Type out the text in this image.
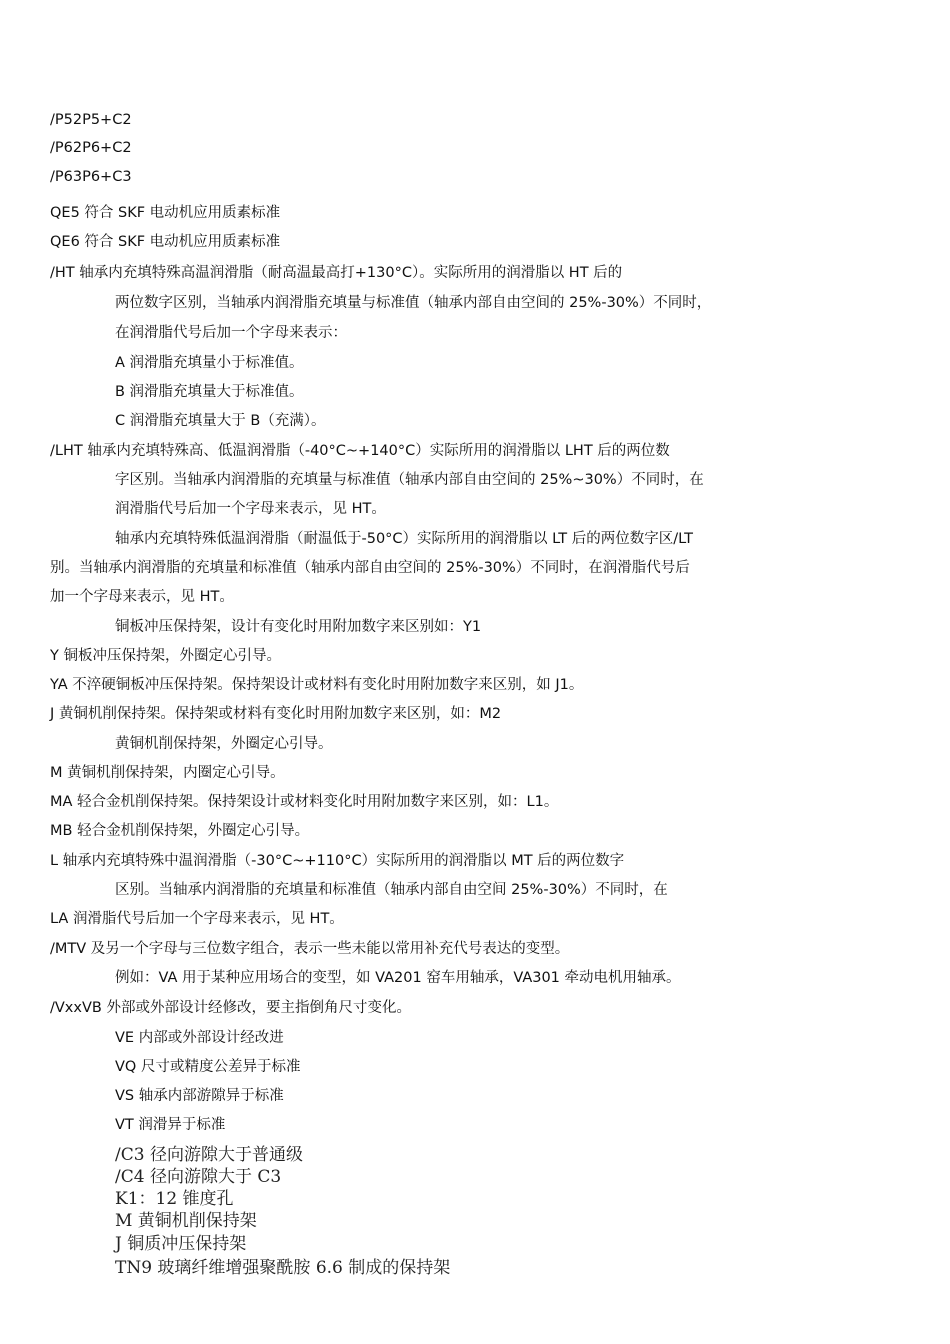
/P52P5+C2
/P62P6+C2
/P63P6+C3
QE5 符合 SKF 电动机应用质素标准
QE6 符合 SKF 电动机应用质素标准
/HT 轴承内充填特殊高温润滑脂（耐高温最高打+130°C）。实际所用的润滑脂以 HT 后的
两位数字区别，当轴承内润滑脂充填量与标准值（轴承内部自由空间的 25%-30%）不同时，
在润滑脂代号后加一个字母来表示：
A 润滑脂充填量小于标准值。
B 润滑脂充填量大于标准值。
C 润滑脂充填量大于 B（充满）。
/LHT 轴承内充填特殊高、低温润滑脂（-40°C~+140°C）实际所用的润滑脂以 LHT 后的两位数
字区别。当轴承内润滑脂的充填量与标准值（轴承内部自由空间的 25%~30%）不同时，在
润滑脂代号后加一个字母来表示，见 HT。
轴承内充填特殊低温润滑脂（耐温低于-50°C）实际所用的润滑脂以 LT 后的两位数字区/LT
别。当轴承内润滑脂的充填量和标准值（轴承内部自由空间的 25%-30%）不同时，在润滑脂代号后
加一个字母来表示，见 HT。
铜板冲压保持架，设计有变化时用附加数字来区别如：Y1
Y 铜板冲压保持架，外圈定心引导。
YA 不淬硬铜板冲压保持架。保持架设计或材料有变化时用附加数字来区别，如 J1。
J 黄铜机削保持架。保持架或材料有变化时用附加数字来区别，如：M2
黄铜机削保持架，外圈定心引导。
M 黄铜机削保持架，内圈定心引导。
MA 轻合金机削保持架。保持架设计或材料变化时用附加数字来区别，如：L1。
MB 轻合金机削保持架，外圈定心引导。
L 轴承内充填特殊中温润滑脂（-30°C~+110°C）实际所用的润滑脂以 MT 后的两位数字
区别。当轴承内润滑脂的充填量和标准值（轴承内部自由空间 25%-30%）不同时，在
LA 润滑脂代号后加一个字母来表示，见 HT。
/MTV 及另一个字母与三位数字组合，表示一些未能以常用补充代号表达的变型。
例如：VA 用于某种应用场合的变型，如 VA201 窑车用轴承，VA301 牵动电机用轴承。
/VxxVB 外部或外部设计经修改，要主指倒角尺寸变化。
VE 内部或外部设计经改进
VQ 尺寸或精度公差异于标准
VS 轴承内部游隙异于标准
VT 润滑异于标准
/C3 径向游隙大于普通级
/C4 径向游隙大于 C3
K1：12 锥度孔
M 黄铜机削保持架
J 铜质冲压保持架
TN9 玻璃纤维增强聚酰胺 6.6 制成的保持架
